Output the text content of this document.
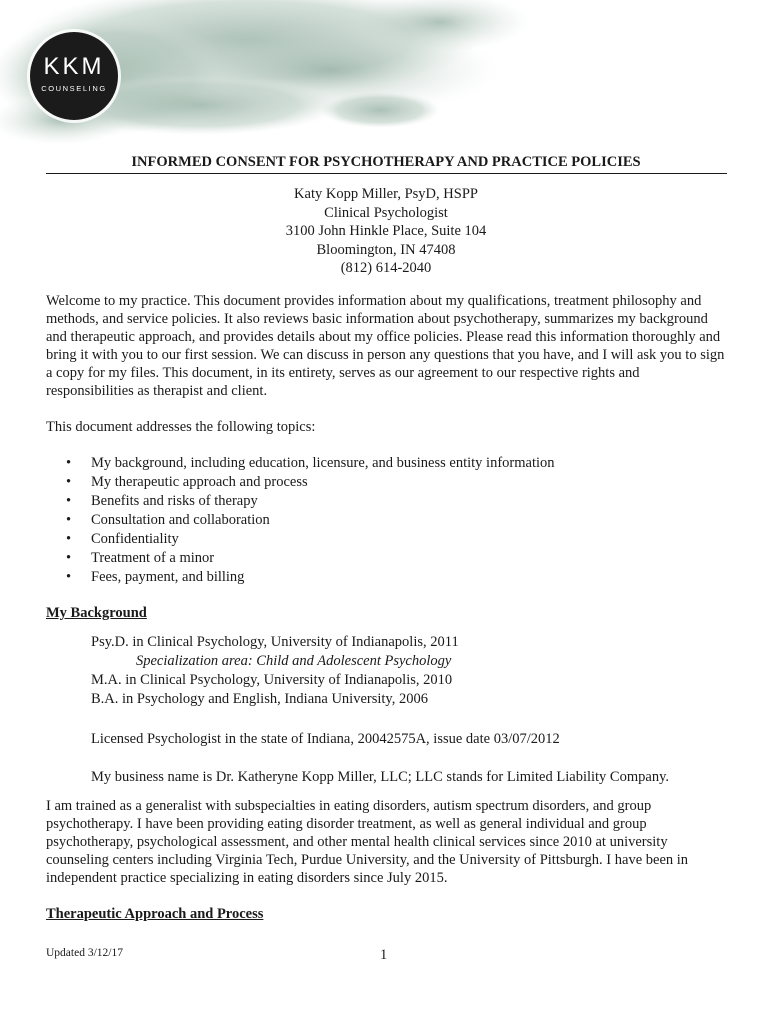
KKM
COUNSELING
INFORMED CONSENT FOR PSYCHOTHERAPY AND PRACTICE POLICIES
Katy Kopp Miller, PsyD, HSPP
Clinical Psychologist
3100 John Hinkle Place, Suite 104
Bloomington, IN 47408
(812) 614-2040

Welcome to my practice. This document provides information about my qualifications, treatment philosophy and methods, and service policies. It also reviews basic information about psychotherapy, summarizes my background and therapeutic approach, and provides details about my office policies. Please read this information thoroughly and bring it with you to our first session. We can discuss in person any questions that you have, and I will ask you to sign a copy for my files. This document, in its entirety, serves as our agreement to our respective rights and responsibilities as therapist and client.

This document addresses the following topics:

• My background, including education, licensure, and business entity information
• My therapeutic approach and process
• Benefits and risks of therapy
• Consultation and collaboration
• Confidentiality
• Treatment of a minor
• Fees, payment, and billing
My Background
Psy.D. in Clinical Psychology, University of Indianapolis, 2011
Specialization area: Child and Adolescent Psychology
M.A. in Clinical Psychology, University of Indianapolis, 2010
B.A. in Psychology and English, Indiana University, 2006

Licensed Psychologist in the state of Indiana, 20042575A, issue date 03/07/2012

My business name is Dr. Katheryne Kopp Miller, LLC; LLC stands for Limited Liability Company.

I am trained as a generalist with subspecialties in eating disorders, autism spectrum disorders, and group psychotherapy. I have been providing eating disorder treatment, as well as general individual and group psychotherapy, psychological assessment, and other mental health clinical services since 2010 at university counseling centers including Virginia Tech, Purdue University, and the University of Pittsburgh. I have been in independent practice specializing in eating disorders since July 2015.

Therapeutic Approach and Process
Updated 3/12/17	1
